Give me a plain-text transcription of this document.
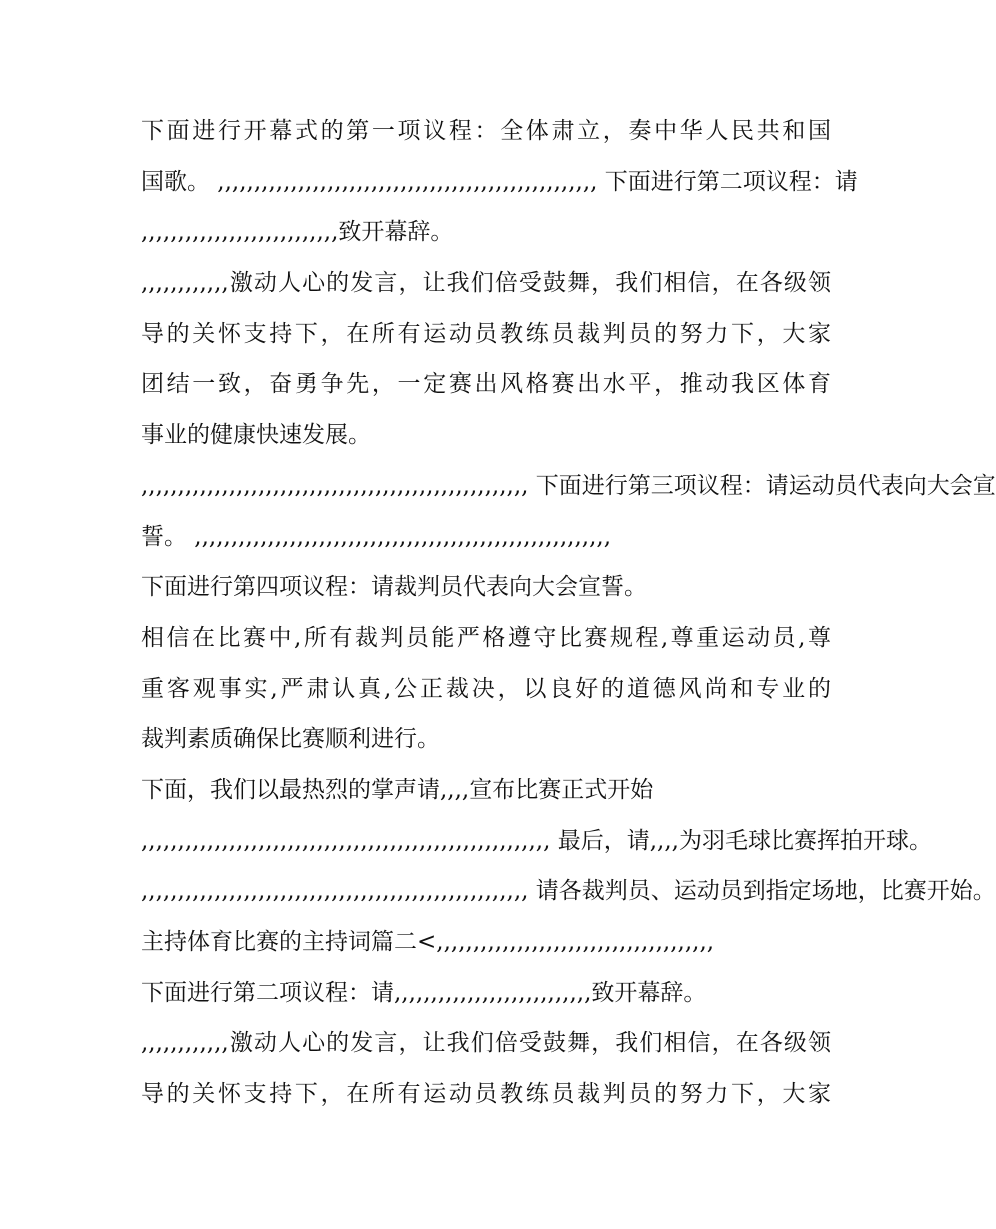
下面进行开幕式的第一项议程：全体肃立，奏中华人民共和国
国歌。 ,,,,,,,,,,,,,,,,,,,,,,,,,,,,,,,,,,,,,,,,,,,,,,,,,,,, 下面进行第二项议程：请
,,,,,,,,,,,,,,,,,,,,,,,,,,,致开幕辞。
,,,,,,,,,,,,激动人心的发言，让我们倍受鼓舞，我们相信，在各级领
导的关怀支持下，在所有运动员教练员裁判员的努力下，大家
团结一致，奋勇争先，一定赛出风格赛出水平，推动我区体育
事业的健康快速发展。
,,,,,,,,,,,,,,,,,,,,,,,,,,,,,,,,,,,,,,,,,,,,,,,,,,,,, 下面进行第三项议程：请运动员代表向大会宣
誓。 ,,,,,,,,,,,,,,,,,,,,,,,,,,,,,,,,,,,,,,,,,,,,,,,,,,,,,,,,,
下面进行第四项议程：请裁判员代表向大会宣誓。
相信在比赛中,所有裁判员能严格遵守比赛规程,尊重运动员,尊
重客观事实,严肃认真,公正裁决，以良好的道德风尚和专业的
裁判素质确保比赛顺利进行。
下面，我们以最热烈的掌声请,,,,宣布比赛正式开始
,,,,,,,,,,,,,,,,,,,,,,,,,,,,,,,,,,,,,,,,,,,,,,,,,,,,,,,, 最后，请,,,,为羽毛球比赛挥拍开球。
,,,,,,,,,,,,,,,,,,,,,,,,,,,,,,,,,,,,,,,,,,,,,,,,,,,,, 请各裁判员、运动员到指定场地，比赛开始。
主持体育比赛的主持词篇二<,,,,,,,,,,,,,,,,,,,,,,,,,,,,,,,,,,,,,,
下面进行第二项议程：请,,,,,,,,,,,,,,,,,,,,,,,,,,,致开幕辞。
,,,,,,,,,,,,激动人心的发言，让我们倍受鼓舞，我们相信，在各级领
导的关怀支持下，在所有运动员教练员裁判员的努力下，大家
